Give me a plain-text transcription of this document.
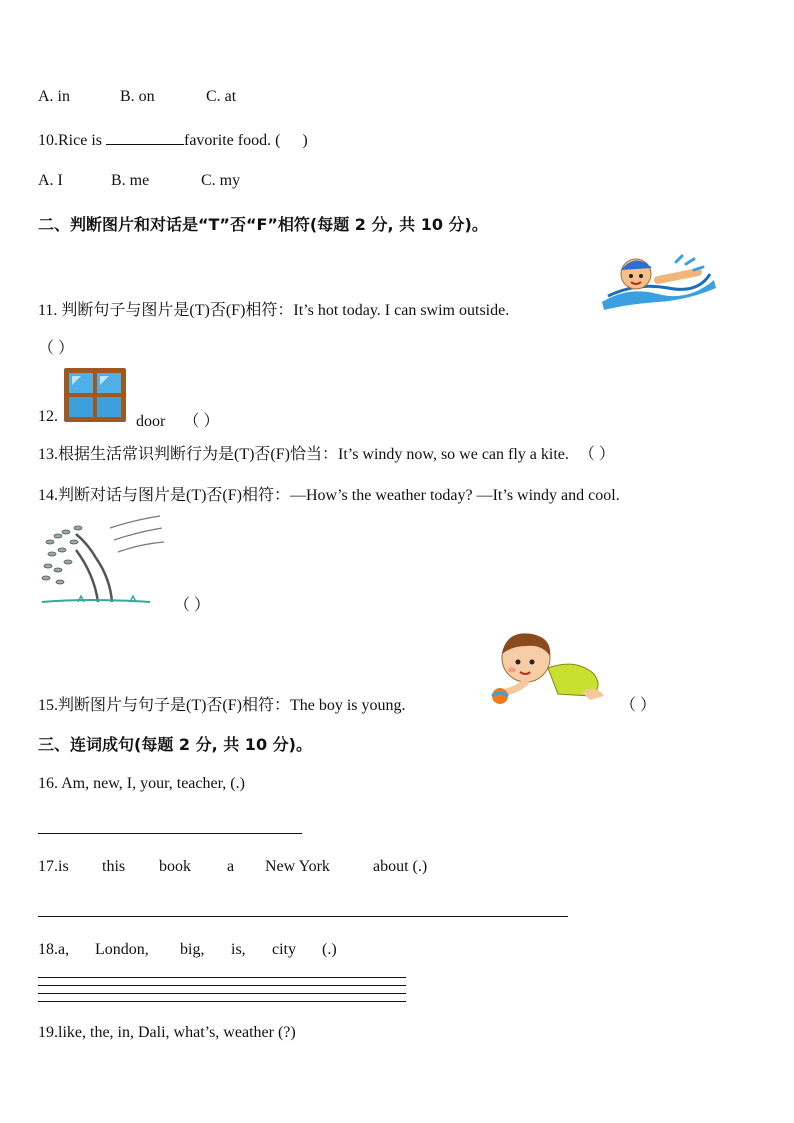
A. in	B. on	C. at
10.Rice is	favorite food. ( )
A. I	B. me	C. my
二、判断图片和对话是“T”否“F”相符(每题 2 分, 共 10 分)。
11. 判断句子与图片是(T)否(F)相符：It’s hot today. I can swim outside.
（ ）
12.	door （ ）
13.根据生活常识判断行为是(T)否(F)恰当：It’s windy now, so we can fly a kite. （ ）
14.判断对话与图片是(T)否(F)相符：—How’s the weather today? —It’s windy and cool.
（ ）
15.判断图片与句子是(T)否(F)相符：The boy is young.	（ ）
三、连词成句(每题 2 分, 共 10 分)。
16. Am, new, I, your, teacher, (.)
17.is this book a New York	about (.)
18.a, London, big, is, city (.)
19.like, the, in, Dali, what’s, weather (?)
